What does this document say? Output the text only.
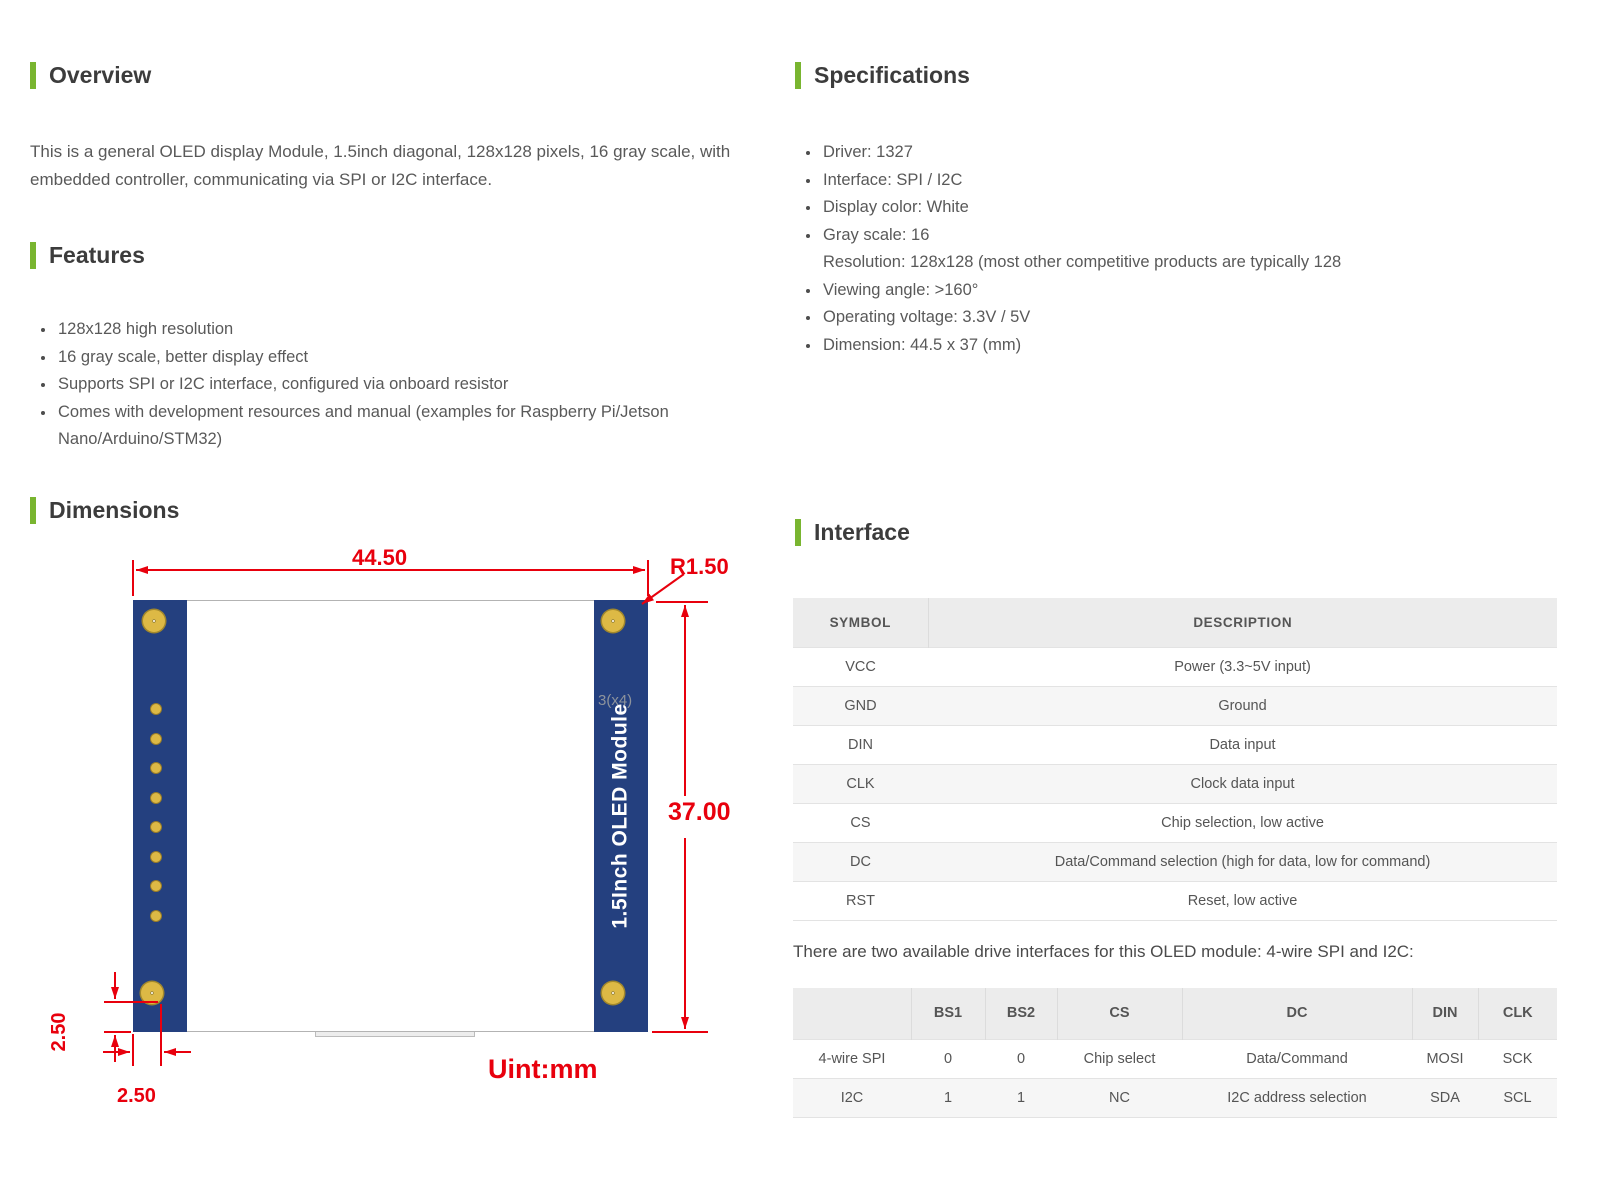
Overview

This is a general OLED display Module, 1.5inch diagonal, 128x128 pixels, 16 gray scale, with embedded controller, communicating via SPI or I2C interface.

Features
• 128x128 high resolution
• 16 gray scale, better display effect
• Supports SPI or I2C interface, configured via onboard resistor
• Comes with development resources and manual (examples for Raspberry Pi/Jetson Nano/Arduino/STM32)
Dimensions
1.5Inch OLED Module
44.50	R1.50
37.00
2.50
2.50
Uint:mm
3(x4)
Specifications
• Driver: 1327
• Interface: SPI / I2C
• Display color: White
• Gray scale: 16
• Resolution: 128x128 (most other competitive products are typically 128
• Viewing angle: >160°
• Operating voltage: 3.3V / 5V
• Dimension: 44.5 x 37 (mm)
Interface
SYMBOL	DESCRIPTION
VCC	Power (3.3~5V input)
GND	Ground
DIN	Data input
CLK	Clock data input
CS	Chip selection, low active
DC	Data/Command selection (high for data, low for command)
RST	Reset, low active

There are two available drive interfaces for this OLED module: 4-wire SPI and I2C:

	BS1	BS2	CS	DC	DIN	CLK
4-wire SPI	0	0	Chip select	Data/Command	MOSI	SCK
I2C	1	1	NC	I2C address selection	SDA	SCL
